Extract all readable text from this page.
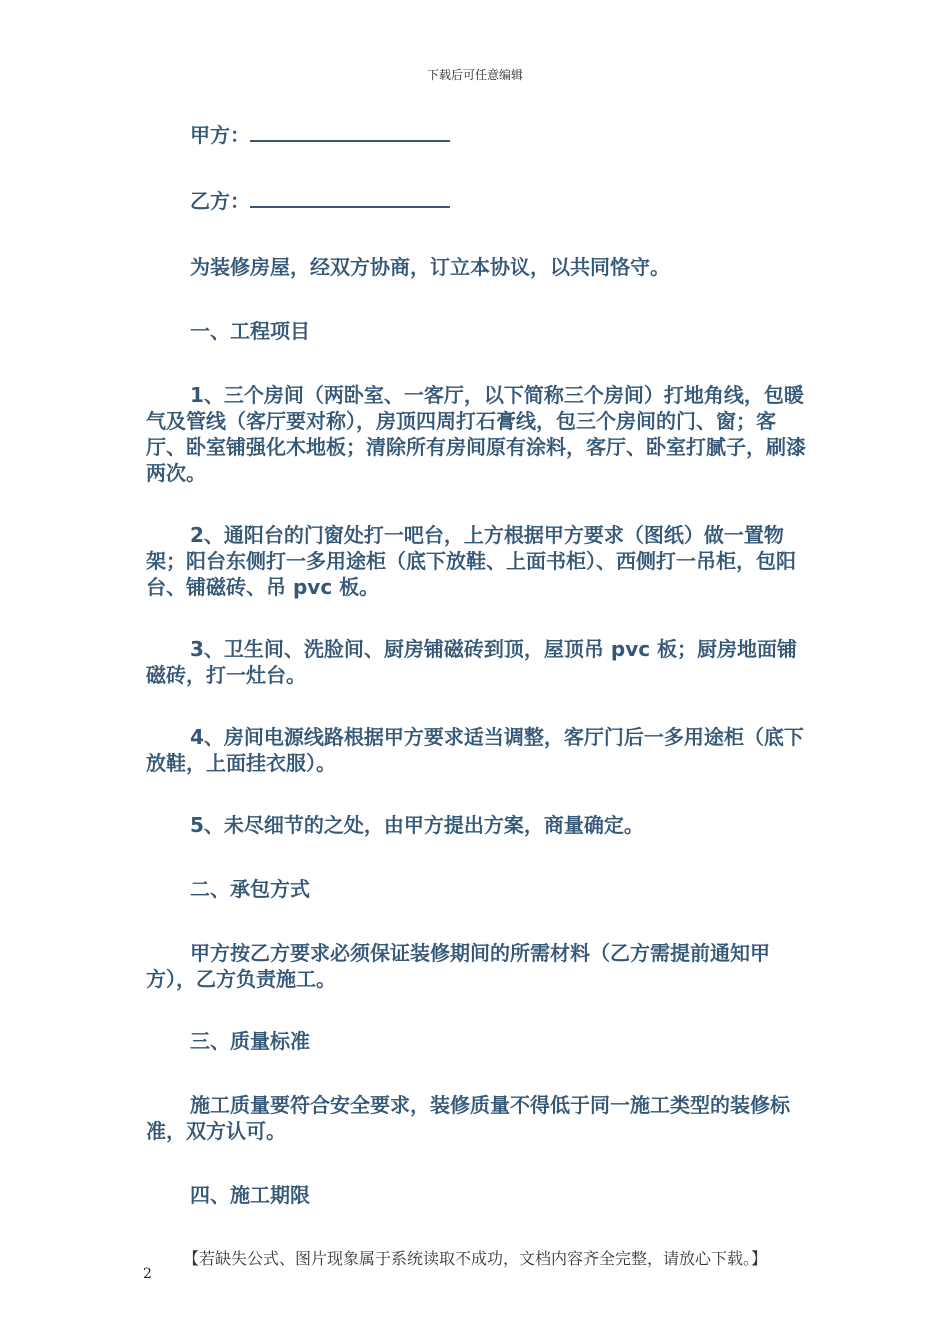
下载后可任意编辑

甲方：

乙方：

为装修房屋，经双方协商，订立本协议，以共同恪守。

一、工程项目

1、三个房间（两卧室、一客厅，以下简称三个房间）打地角线，包暖气及管线（客厅要对称），房顶四周打石膏线，包三个房间的门、窗；客厅、卧室铺强化木地板；清除所有房间原有涂料，客厅、卧室打腻子，刷漆两次。

2、通阳台的门窗处打一吧台，上方根据甲方要求（图纸）做一置物架；阳台东侧打一多用途柜（底下放鞋、上面书柜）、西侧打一吊柜，包阳台、铺磁砖、吊 pvc 板。

3、卫生间、洗脸间、厨房铺磁砖到顶，屋顶吊 pvc 板；厨房地面铺磁砖，打一灶台。

4、房间电源线路根据甲方要求适当调整，客厅门后一多用途柜（底下放鞋，上面挂衣服）。

5、未尽细节的之处，由甲方提出方案，商量确定。

二、承包方式

甲方按乙方要求必须保证装修期间的所需材料（乙方需提前通知甲方），乙方负责施工。

三、质量标准

施工质量要符合安全要求，装修质量不得低于同一施工类型的装修标准，双方认可。

四、施工期限

【若缺失公式、图片现象属于系统读取不成功，文档内容齐全完整，请放心下载。】
2
